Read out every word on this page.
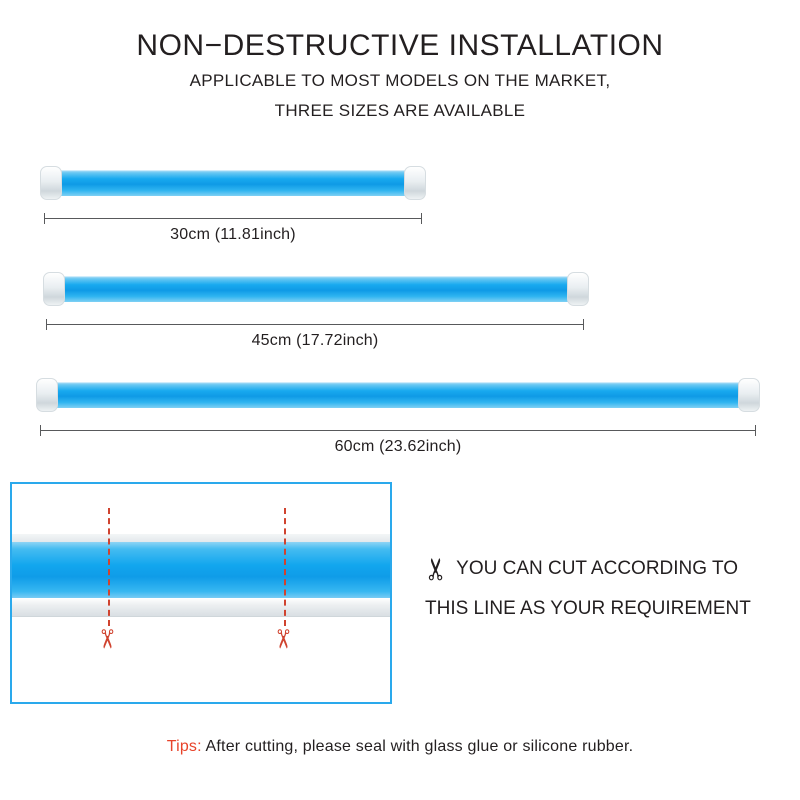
NON−DESTRUCTIVE INSTALLATION
APPLICABLE TO MOST MODELS ON THE MARKET,
THREE SIZES ARE AVAILABLE
30cm (11.81inch)
45cm (17.72inch)
60cm (23.62inch)
✂	✂
✂ YOU CAN CUT ACCORDING TO
THIS LINE AS YOUR REQUIREMENT
Tips: After cutting, please seal with glass glue or silicone rubber.
